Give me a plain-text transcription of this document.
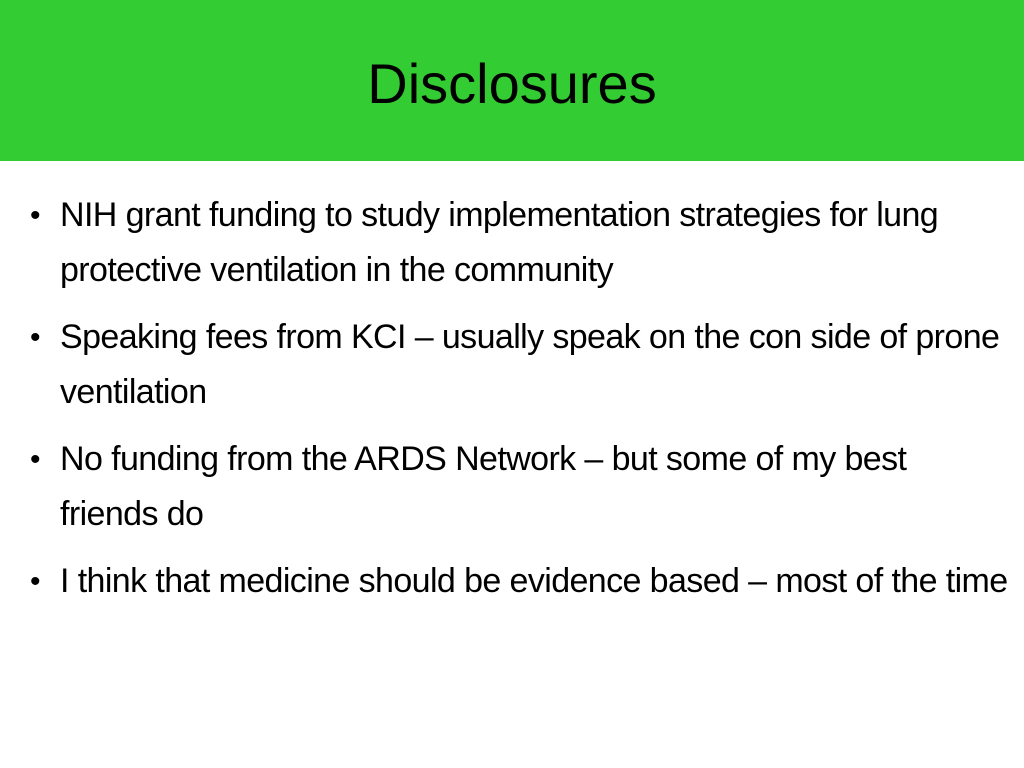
Disclosures
• NIH grant funding to study implementation strategies for lung protective ventilation in the community
• Speaking fees from KCI – usually speak on the con side of prone ventilation
• No funding from the ARDS Network – but some of my best friends do
• I think that medicine should be evidence based – most of the time
